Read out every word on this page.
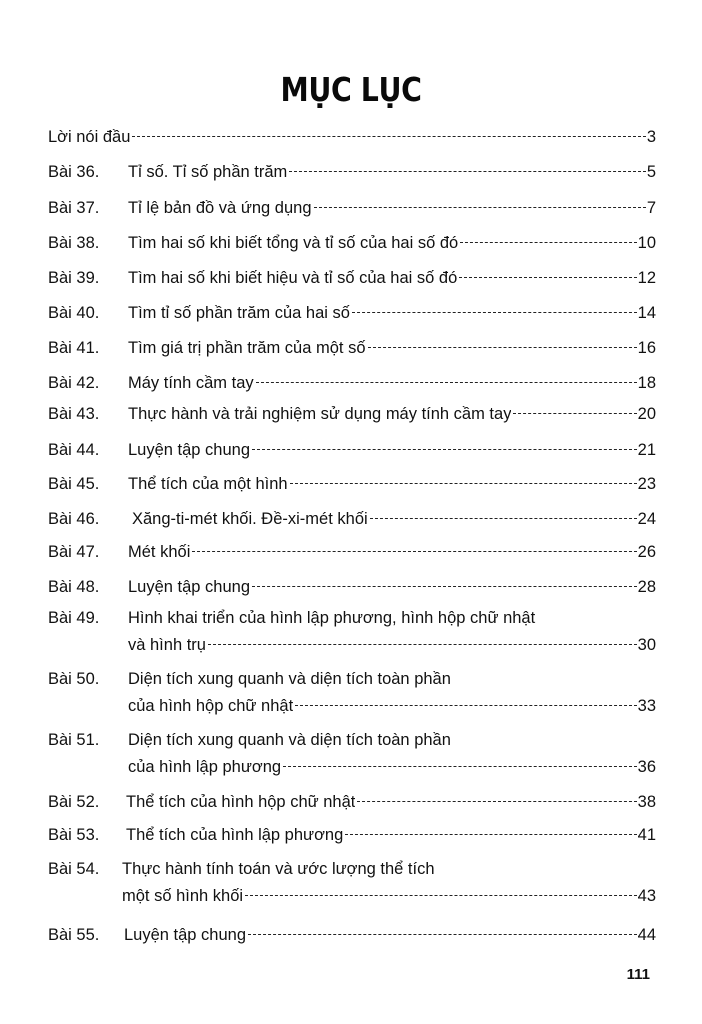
MỤC LỤC
Lời nói đầu	3
Bài 36. Tỉ số. Tỉ số phần trăm	5
Bài 37. Tỉ lệ bản đồ và ứng dụng	7
Bài 38. Tìm hai số khi biết tổng và tỉ số của hai số đó	10
Bài 39. Tìm hai số khi biết hiệu và tỉ số của hai số đó	12
Bài 40. Tìm tỉ số phần trăm của hai số	14
Bài 41. Tìm giá trị phần trăm của một số	16
Bài 42. Máy tính cầm tay	18
Bài 43. Thực hành và trải nghiệm sử dụng máy tính cầm tay	20
Bài 44. Luyện tập chung	21
Bài 45. Thể tích của một hình	23
Bài 46. Xăng-ti-mét khối. Đề-xi-mét khối	24
Bài 47. Mét khối	26
Bài 48. Luyện tập chung	28
Bài 49. Hình khai triển của hình lập phương, hình hộp chữ nhật
và hình trụ	30
Bài 50. Diện tích xung quanh và diện tích toàn phần
của hình hộp chữ nhật	33
Bài 51. Diện tích xung quanh và diện tích toàn phần
của hình lập phương	36
Bài 52. Thể tích của hình hộp chữ nhật	38
Bài 53. Thể tích của hình lập phương	41
Bài 54. Thực hành tính toán và ước lượng thể tích
một số hình khối	43
Bài 55. Luyện tập chung	44
111
